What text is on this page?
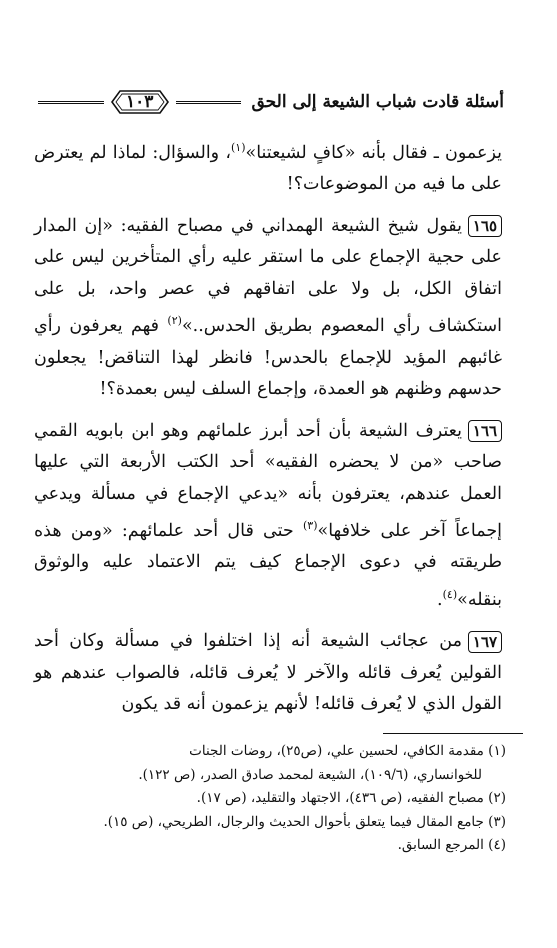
أسئلة قادت شباب الشيعة إلى الحق
١٠٣

يزعمون ـ فقال بأنه «كافٍ لشيعتنا»$^{(١)}$، والسؤال: لماذا لم يعترض على ما فيه من الموضوعات؟!

١٦٥يقول شيخ الشيعة الهمداني في مصباح الفقيه: «إن المدار على حجية الإجماع على ما استقر عليه رأي المتأخرين ليس على اتفاق الكل، بل ولا على اتفاقهم في عصر واحد، بل على استكشاف رأي المعصوم بطريق الحدس..»$^{(٢)}$ فهم يعرفون رأي غائبهم المؤيد للإجماع بالحدس! فانظر لهذا التناقض! يجعلون حدسهم وظنهم هو العمدة، وإجماع السلف ليس بعمدة؟!

١٦٦يعترف الشيعة بأن أحد أبرز علمائهم وهو ابن بابويه القمي صاحب «من لا يحضره الفقيه» أحد الكتب الأربعة التي عليها العمل عندهم، يعترفون بأنه «يدعي الإجماع في مسألة ويدعي إجماعاً آخر على خلافها»$^{(٣)}$ حتى قال أحد علمائهم: «ومن هذه طريقته في دعوى الإجماع كيف يتم الاعتماد عليه والوثوق بنقله»$^{(٤)}$.

١٦٧من عجائب الشيعة أنه إذا اختلفوا في مسألة وكان أحد القولين يُعرف قائله والآخر لا يُعرف قائله، فالصواب عندهم هو القول الذي لا يُعرف قائله! لأنهم يزعمون أنه قد يكون

(١) مقدمة الكافي، لحسين علي، (ص٢٥)، روضات الجنات

للخوانساري، (١٠٩/٦)، الشيعة لمحمد صادق الصدر، (ص ١٢٢).

(٢) مصباح الفقيه، (ص ٤٣٦)، الاجتهاد والتقليد، (ص ١٧).

(٣) جامع المقال فيما يتعلق بأحوال الحديث والرجال، الطريحي، (ص ١٥).

(٤) المرجع السابق.
